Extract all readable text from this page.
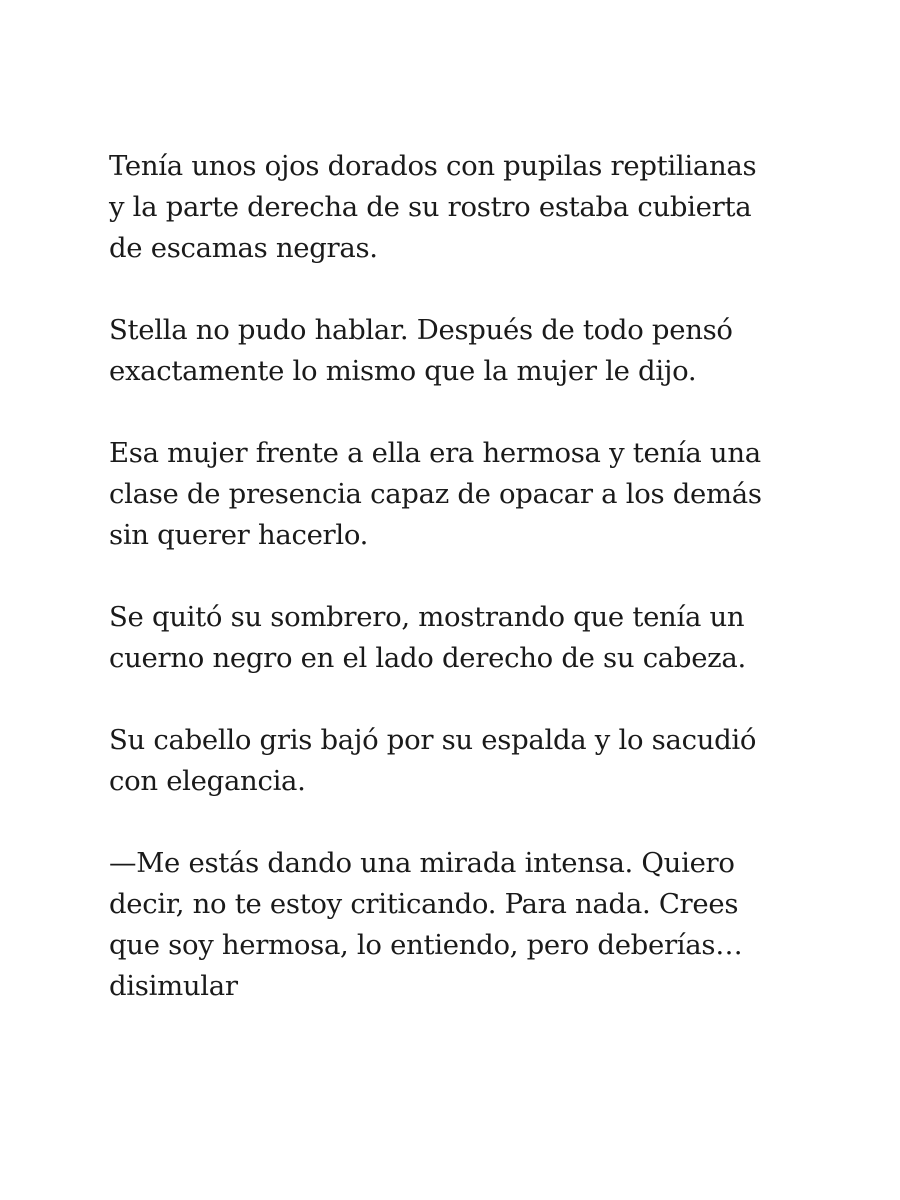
Tenía unos ojos dorados con pupilas reptilianas
y la parte derecha de su rostro estaba cubierta
de escamas negras.

Stella no pudo hablar. Después de todo pensó
exactamente lo mismo que la mujer le dijo.

Esa mujer frente a ella era hermosa y tenía una
clase de presencia capaz de opacar a los demás
sin querer hacerlo.

Se quitó su sombrero, mostrando que tenía un
cuerno negro en el lado derecho de su cabeza.

Su cabello gris bajó por su espalda y lo sacudió
con elegancia.

—Me estás dando una mirada intensa. Quiero
decir, no te estoy criticando. Para nada. Crees
que soy hermosa, lo entiendo, pero deberías…
disimular
